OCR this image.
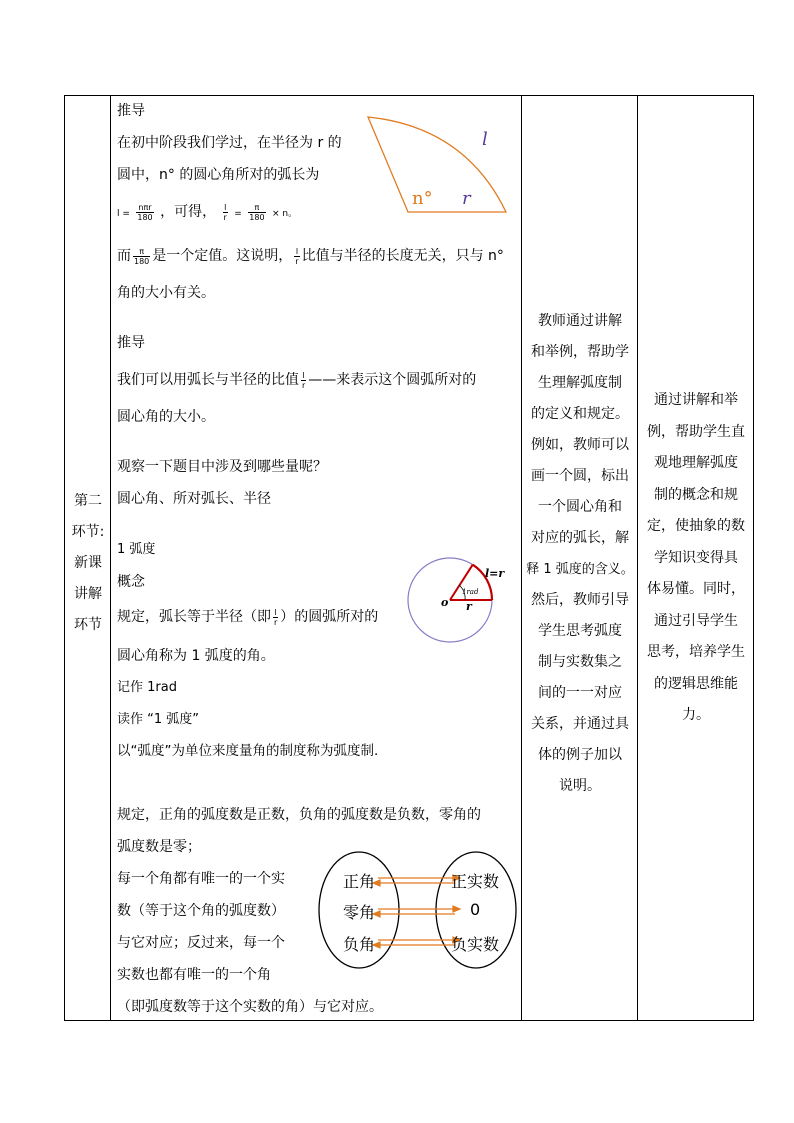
第二
环节:
新课
讲解
环节
教师通过讲解
和举例，帮助学
生理解弧度制
的定义和规定。
例如，教师可以
画一个圆，标出
一个圆心角和
对应的弧长，解
释 1 弧度的含义。
然后，教师引导
学生思考弧度
制与实数集之
间的一一对应
关系，并通过具
体的例子加以
说明。
通过讲解和举
例，帮助学生直
观地理解弧度
制的概念和规
定，使抽象的数
学知识变得具
体易懂。同时，
通过引导学生
思考，培养学生
的逻辑思维能
力。
推导
在初中阶段我们学过，在半径为 r 的
圆中，n° 的圆心角所对的弧长为
$l = \frac{\text{nπr}}{180}$ ，可得， $\frac{l}{r} = \frac{\pi}{180} \times n$。
而 $\frac{\pi}{180}$ 是一个定值。这说明， $\frac{l}{r}$ 比值与半径的长度无关，只与 n°
角的大小有关。
l
n° r
推导
我们可以用弧长与半径的比值 $\frac{l}{r}$ ——来表示这个圆弧所对的
圆心角的大小。
观察一下题目中涉及到哪些量呢？
圆心角、所对弧长、半径
1 弧度
概念
规定，弧长等于半径（即 $\frac{l}{r}$ ）的圆弧所对的
圆心角称为 1 弧度的角。
记作 1rad
读作 “1 弧度”
以“弧度”为单位来度量角的制度称为弧度制.
l=r
o r
1rad
规定，正角的弧度数是正数，负角的弧度数是负数，零角的
弧度数是零；
每一个角都有唯一的一个实
数（等于这个角的弧度数）
与它对应；反过来，每一个
实数也都有唯一的一个角
（即弧度数等于这个实数的角）与它对应。
正角
零角
负角
正实数
0
负实数
